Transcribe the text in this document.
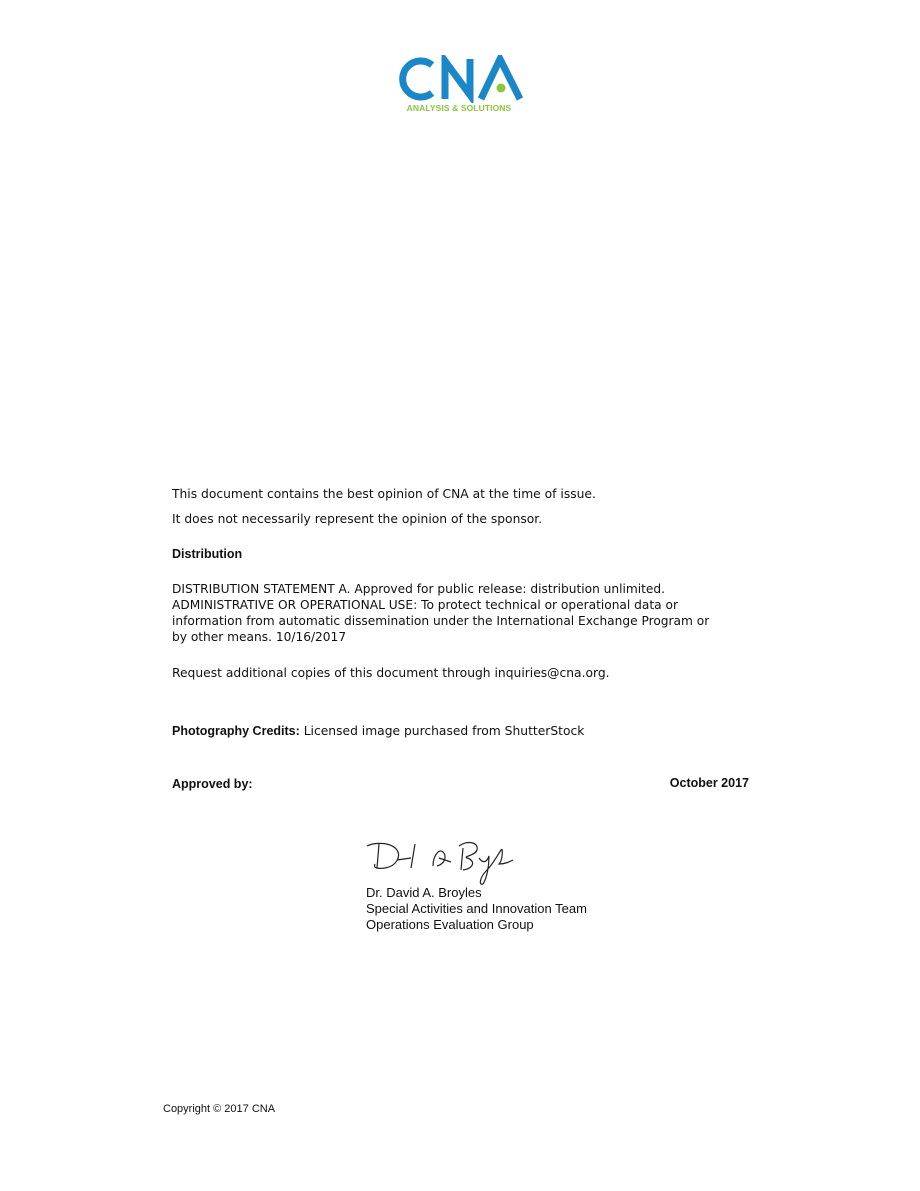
ANALYSIS & SOLUTIONS
This document contains the best opinion of CNA at the time of issue.
It does not necessarily represent the opinion of the sponsor.
Distribution
DISTRIBUTION STATEMENT A. Approved for public release: distribution unlimited.
ADMINISTRATIVE OR OPERATIONAL USE: To protect technical or operational data or
information from automatic dissemination under the International Exchange Program or
by other means. 10/16/2017
Request additional copies of this document through inquiries@cna.org.
Photography Credits: Licensed image purchased from ShutterStock
Approved by:	October 2017
Dr. David A. Broyles
Special Activities and Innovation Team
Operations Evaluation Group
Copyright © 2017 CNA
